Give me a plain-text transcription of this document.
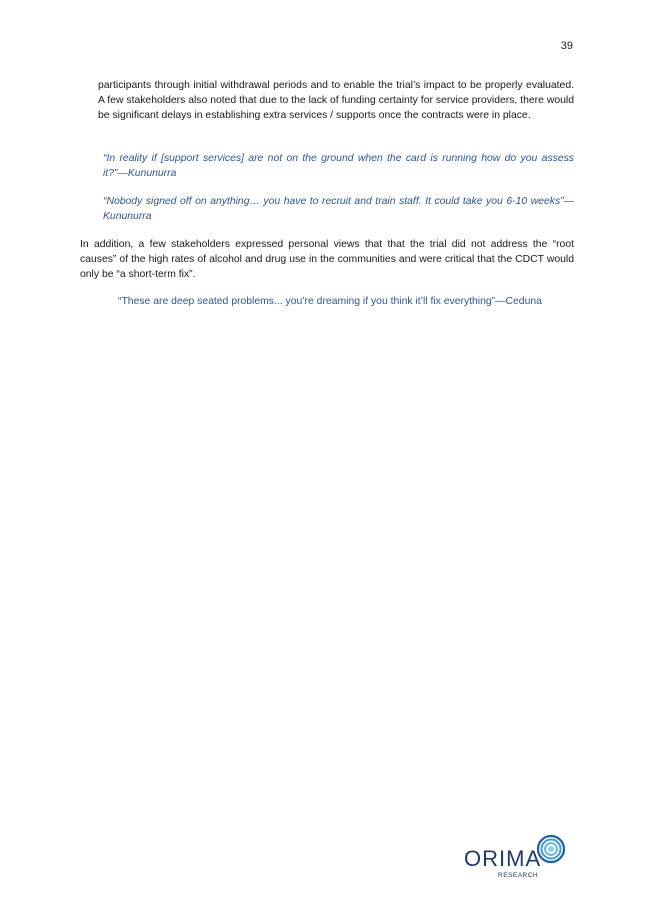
39

participants through initial withdrawal periods and to enable the trial’s impact to be properly evaluated. A few stakeholders also noted that due to the lack of funding certainty for service providers, there would be significant delays in establishing extra services / supports once the contracts were in place.

“In reality if [support services] are not on the ground when the card is running how do you assess it?”—Kununurra

“Nobody signed off on anything… you have to recruit and train staff. It could take you 6-10 weeks”—Kununurra

In addition, a few stakeholders expressed personal views that that the trial did not address the “root causes” of the high rates of alcohol and drug use in the communities and were critical that the CDCT would only be “a short-term fix”.

“These are deep seated problems... you’re dreaming if you think it’ll fix everything”—Ceduna

ORIMA
RESEARCH
